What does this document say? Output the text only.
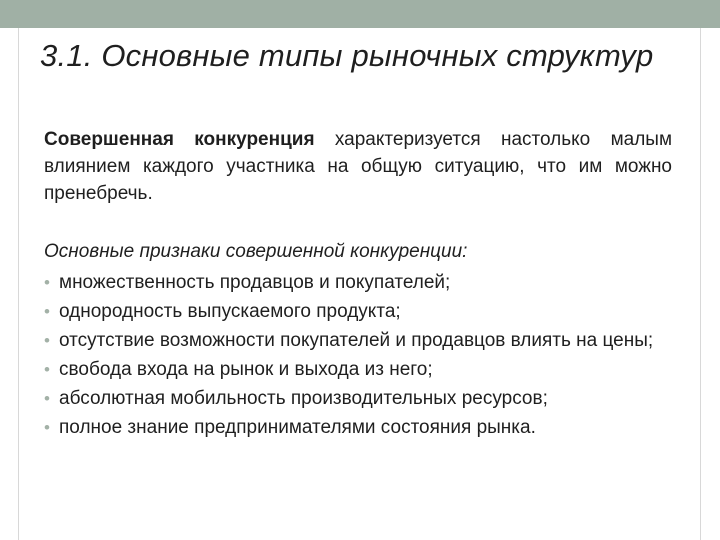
3.1. Основные типы рыночных структур

Совершенная конкуренция характеризуется настолько малым влиянием каждого участника на общую ситуацию, что им можно пренебречь.

Основные признаки совершенной конкуренции:

• множественность продавцов и покупателей;
• однородность выпускаемого продукта;
• отсутствие возможности покупателей и продавцов влиять на цены;
• свобода входа на рынок и выхода из него;
• абсолютная мобильность производительных ресурсов;
• полное знание предпринимателями состояния рынка.
